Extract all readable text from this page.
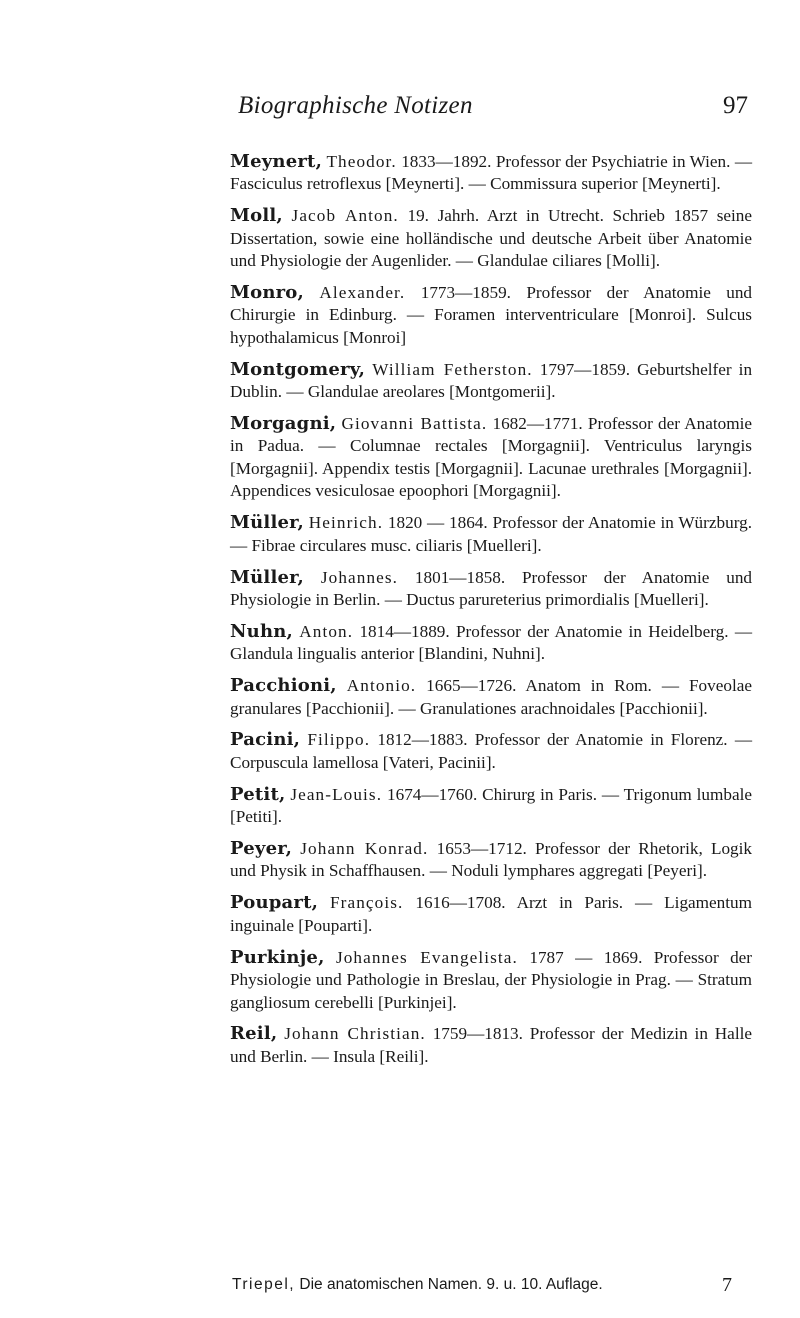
Biographische Notizen	97

Meynert, Theodor. 1833—1892. Professor der Psychiatrie in Wien. — Fasciculus retroflexus [Meynerti]. — Commissura superior [Meynerti].

Moll, Jacob Anton. 19. Jahrh. Arzt in Utrecht. Schrieb 1857 seine Dissertation, sowie eine holländische und deutsche Arbeit über Anatomie und Physiologie der Augenlider. — Glandulae ciliares [Molli].

Monro, Alexander. 1773—1859. Professor der Anatomie und Chirurgie in Edinburg. — Foramen interventriculare [Monroi]. Sulcus hypothalamicus [Monroi]

Montgomery, William Fetherston. 1797—1859. Geburtshelfer in Dublin. — Glandulae areolares [Montgomerii].

Morgagni, Giovanni Battista. 1682—1771. Professor der Anatomie in Padua. — Columnae rectales [Morgagnii]. Ventriculus laryngis [Morgagnii]. Appendix testis [Morgagnii]. Lacunae urethrales [Morgagnii]. Appendices vesiculosae epoophori [Morgagnii].

Müller, Heinrich. 1820 — 1864. Professor der Anatomie in Würzburg. — Fibrae circulares musc. ciliaris [Muelleri].

Müller, Johannes. 1801—1858. Professor der Anatomie und Physiologie in Berlin. — Ductus parureterius primordialis [Muelleri].

Nuhn, Anton. 1814—1889. Professor der Anatomie in Heidelberg. — Glandula lingualis anterior [Blandini, Nuhni].

Pacchioni, Antonio. 1665—1726. Anatom in Rom. — Foveolae granulares [Pacchionii]. — Granulationes arachnoidales [Pacchionii].

Pacini, Filippo. 1812—1883. Professor der Anatomie in Florenz. — Corpuscula lamellosa [Vateri, Pacinii].

Petit, Jean-Louis. 1674—1760. Chirurg in Paris. — Trigonum lumbale [Petiti].

Peyer, Johann Konrad. 1653—1712. Professor der Rhetorik, Logik und Physik in Schaffhausen. — Noduli lymphares aggregati [Peyeri].

Poupart, François. 1616—1708. Arzt in Paris. — Ligamentum inguinale [Pouparti].

Purkinje, Johannes Evangelista. 1787 — 1869. Professor der Physiologie und Pathologie in Breslau, der Physiologie in Prag. — Stratum gangliosum cerebelli [Purkinjei].

Reil, Johann Christian. 1759—1813. Professor der Medizin in Halle und Berlin. — Insula [Reili].

Triepel, Die anatomischen Namen. 9. u. 10. Auflage.	7
